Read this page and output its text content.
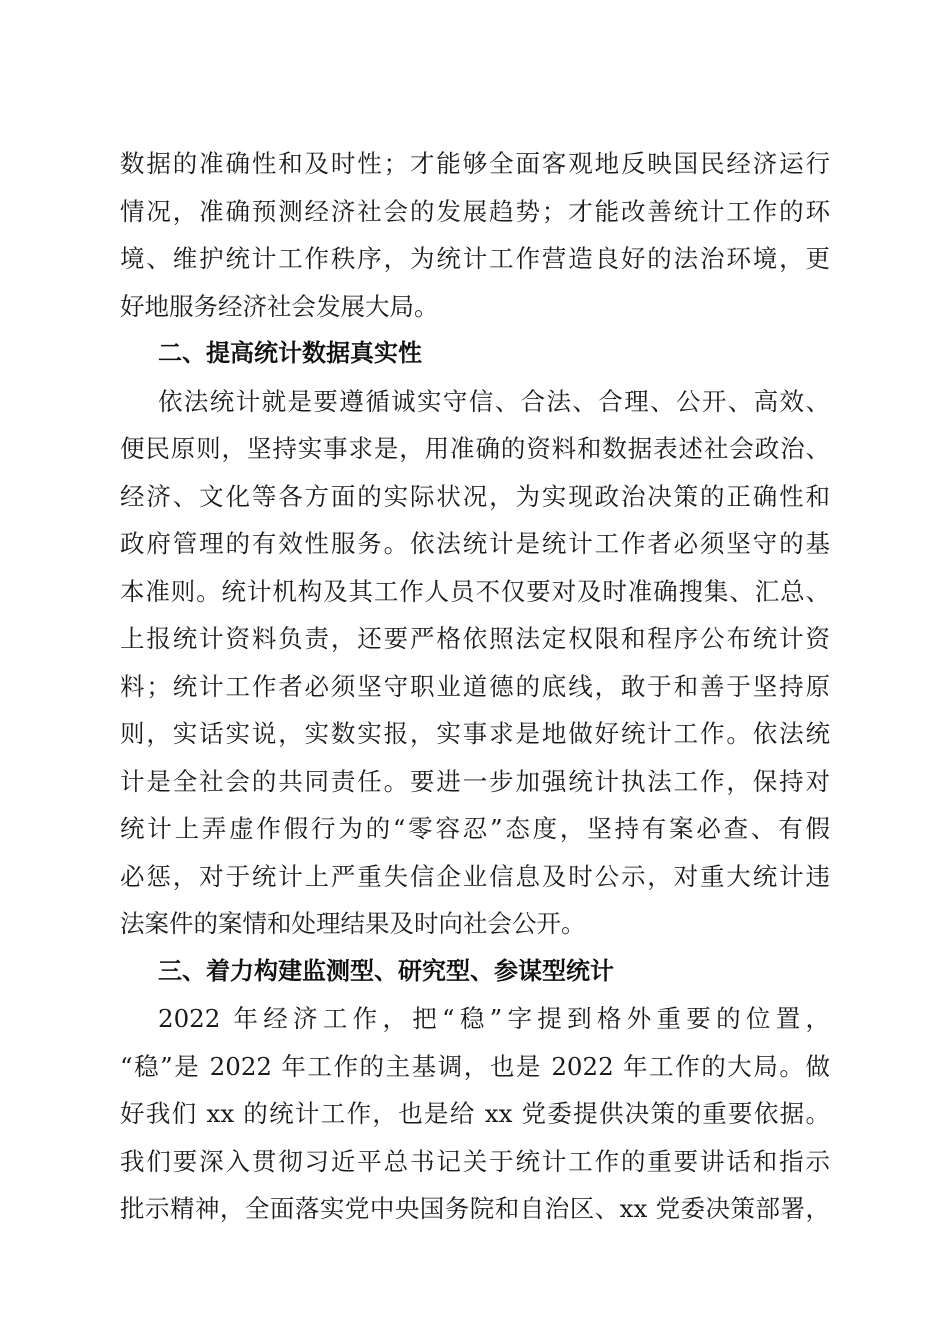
数据的准确性和及时性；才能够全面客观地反映国民经济运行
情况，准确预测经济社会的发展趋势；才能改善统计工作的环
境、维护统计工作秩序，为统计工作营造良好的法治环境，更
好地服务经济社会发展大局。
二、提高统计数据真实性
依法统计就是要遵循诚实守信、合法、合理、公开、高效、
便民原则，坚持实事求是，用准确的资料和数据表述社会政治、
经济、文化等各方面的实际状况，为实现政治决策的正确性和
政府管理的有效性服务。依法统计是统计工作者必须坚守的基
本准则。统计机构及其工作人员不仅要对及时准确搜集、汇总、
上报统计资料负责，还要严格依照法定权限和程序公布统计资
料；统计工作者必须坚守职业道德的底线，敢于和善于坚持原
则，实话实说，实数实报，实事求是地做好统计工作。依法统
计是全社会的共同责任。要进一步加强统计执法工作，保持对
统计上弄虚作假行为的“零容忍”态度，坚持有案必查、有假
必惩，对于统计上严重失信企业信息及时公示，对重大统计违
法案件的案情和处理结果及时向社会公开。
三、着力构建监测型、研究型、参谋型统计
2022 年经济工作，把“稳”字提到格外重要的位置，
“稳”是 2022 年工作的主基调，也是 2022 年工作的大局。做
好我们 xx 的统计工作，也是给 xx 党委提供决策的重要依据。
我们要深入贯彻习近平总书记关于统计工作的重要讲话和指示
批示精神，全面落实党中央国务院和自治区、xx 党委决策部署，
